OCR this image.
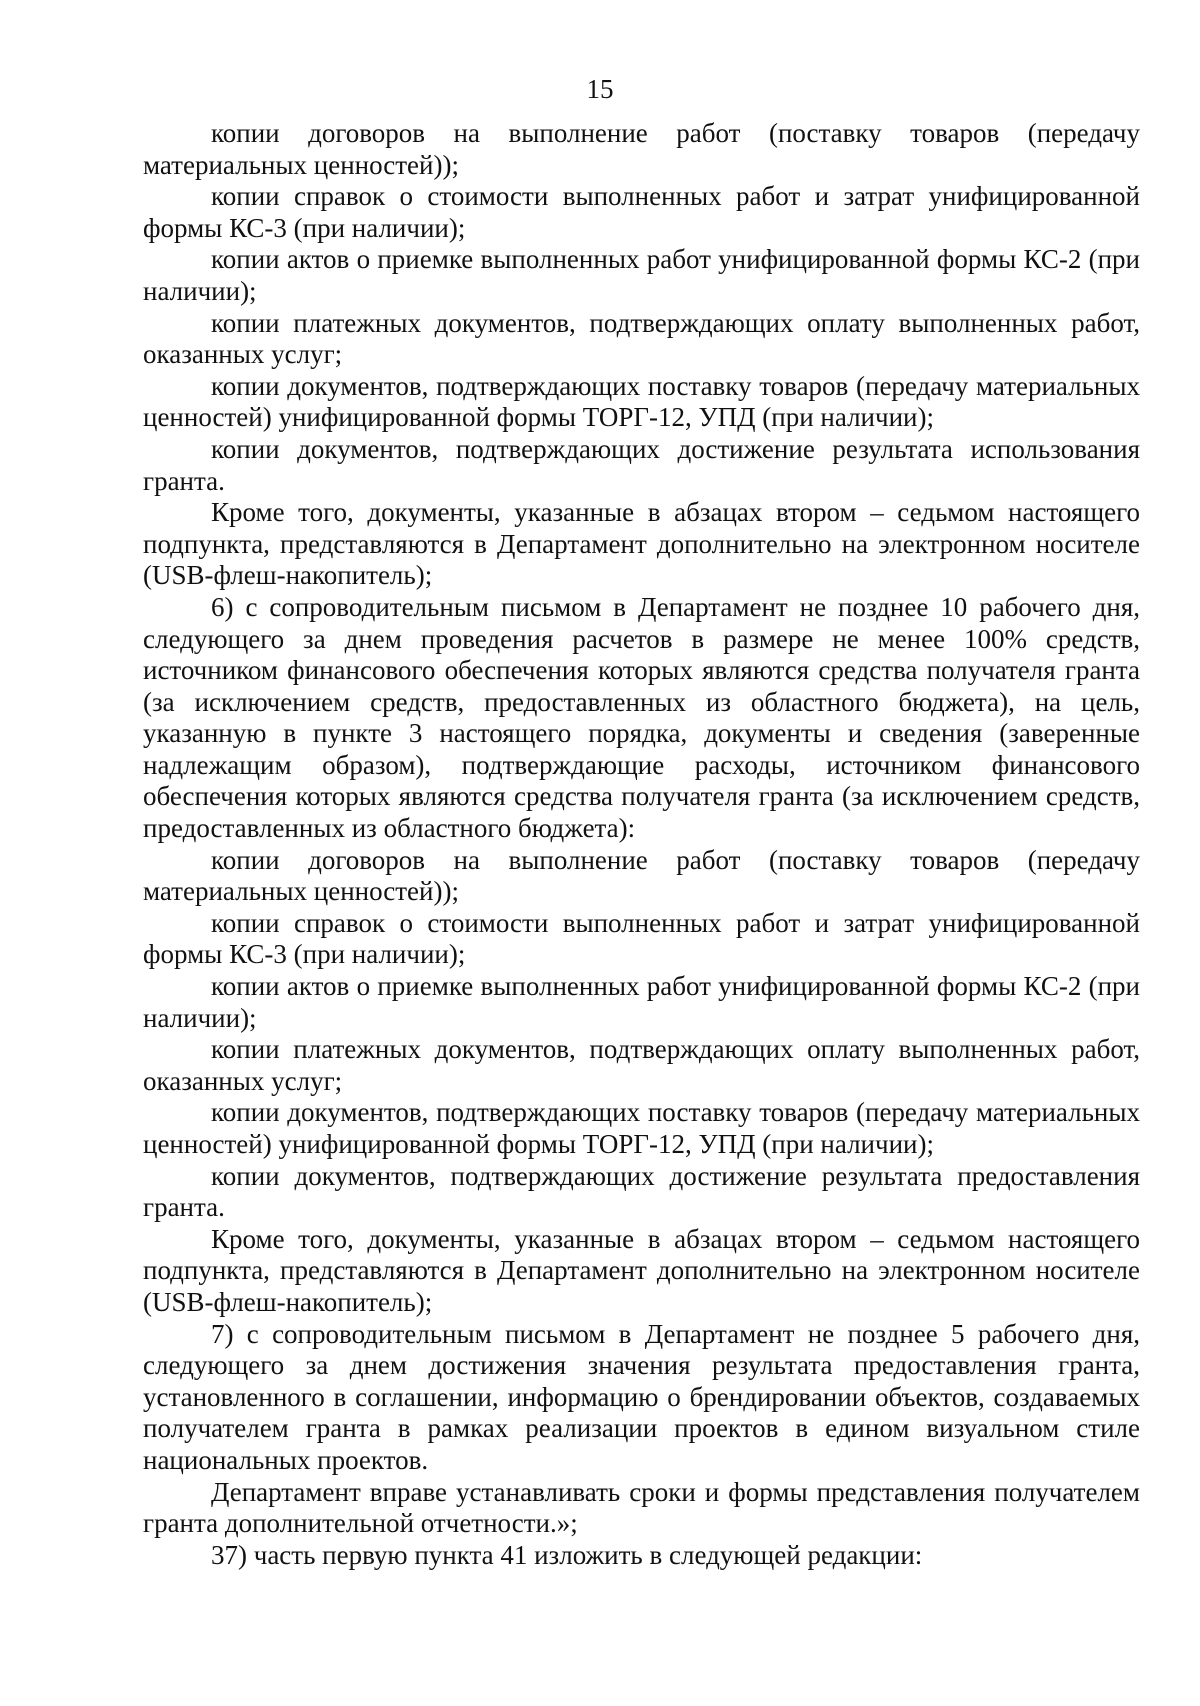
15

копии договоров на выполнение работ (поставку товаров (передачу материальных ценностей));

копии справок о стоимости выполненных работ и затрат унифицированной формы КС-3 (при наличии);

копии актов о приемке выполненных работ унифицированной формы КС-2 (при наличии);

копии платежных документов, подтверждающих оплату выполненных работ, оказанных услуг;

копии документов, подтверждающих поставку товаров (передачу материальных ценностей) унифицированной формы ТОРГ-12, УПД (при наличии);

копии документов, подтверждающих достижение результата использования гранта.

Кроме того, документы, указанные в абзацах втором – седьмом настоящего подпункта, представляются в Департамент дополнительно на электронном носителе (USB-флеш-накопитель);

6) с сопроводительным письмом в Департамент не позднее 10 рабочего дня, следующего за днем проведения расчетов в размере не менее 100% средств, источником финансового обеспечения которых являются средства получателя гранта (за исключением средств, предоставленных из областного бюджета), на цель, указанную в пункте 3 настоящего порядка, документы и сведения (заверенные надлежащим образом), подтверждающие расходы, источником финансового обеспечения которых являются средства получателя гранта (за исключением средств, предоставленных из областного бюджета):

копии договоров на выполнение работ (поставку товаров (передачу материальных ценностей));

копии справок о стоимости выполненных работ и затрат унифицированной формы КС-3 (при наличии);

копии актов о приемке выполненных работ унифицированной формы КС-2 (при наличии);

копии платежных документов, подтверждающих оплату выполненных работ, оказанных услуг;

копии документов, подтверждающих поставку товаров (передачу материальных ценностей) унифицированной формы ТОРГ-12, УПД (при наличии);

копии документов, подтверждающих достижение результата предоставления гранта.

Кроме того, документы, указанные в абзацах втором – седьмом настоящего подпункта, представляются в Департамент дополнительно на электронном носителе (USB-флеш-накопитель);

7) с сопроводительным письмом в Департамент не позднее 5 рабочего дня, следующего за днем достижения значения результата предоставления гранта, установленного в соглашении, информацию о брендировании объектов, создаваемых получателем гранта в рамках реализации проектов в едином визуальном стиле национальных проектов.

Департамент вправе устанавливать сроки и формы представления получателем гранта дополнительной отчетности.»;

37) часть первую пункта 41 изложить в следующей редакции:
